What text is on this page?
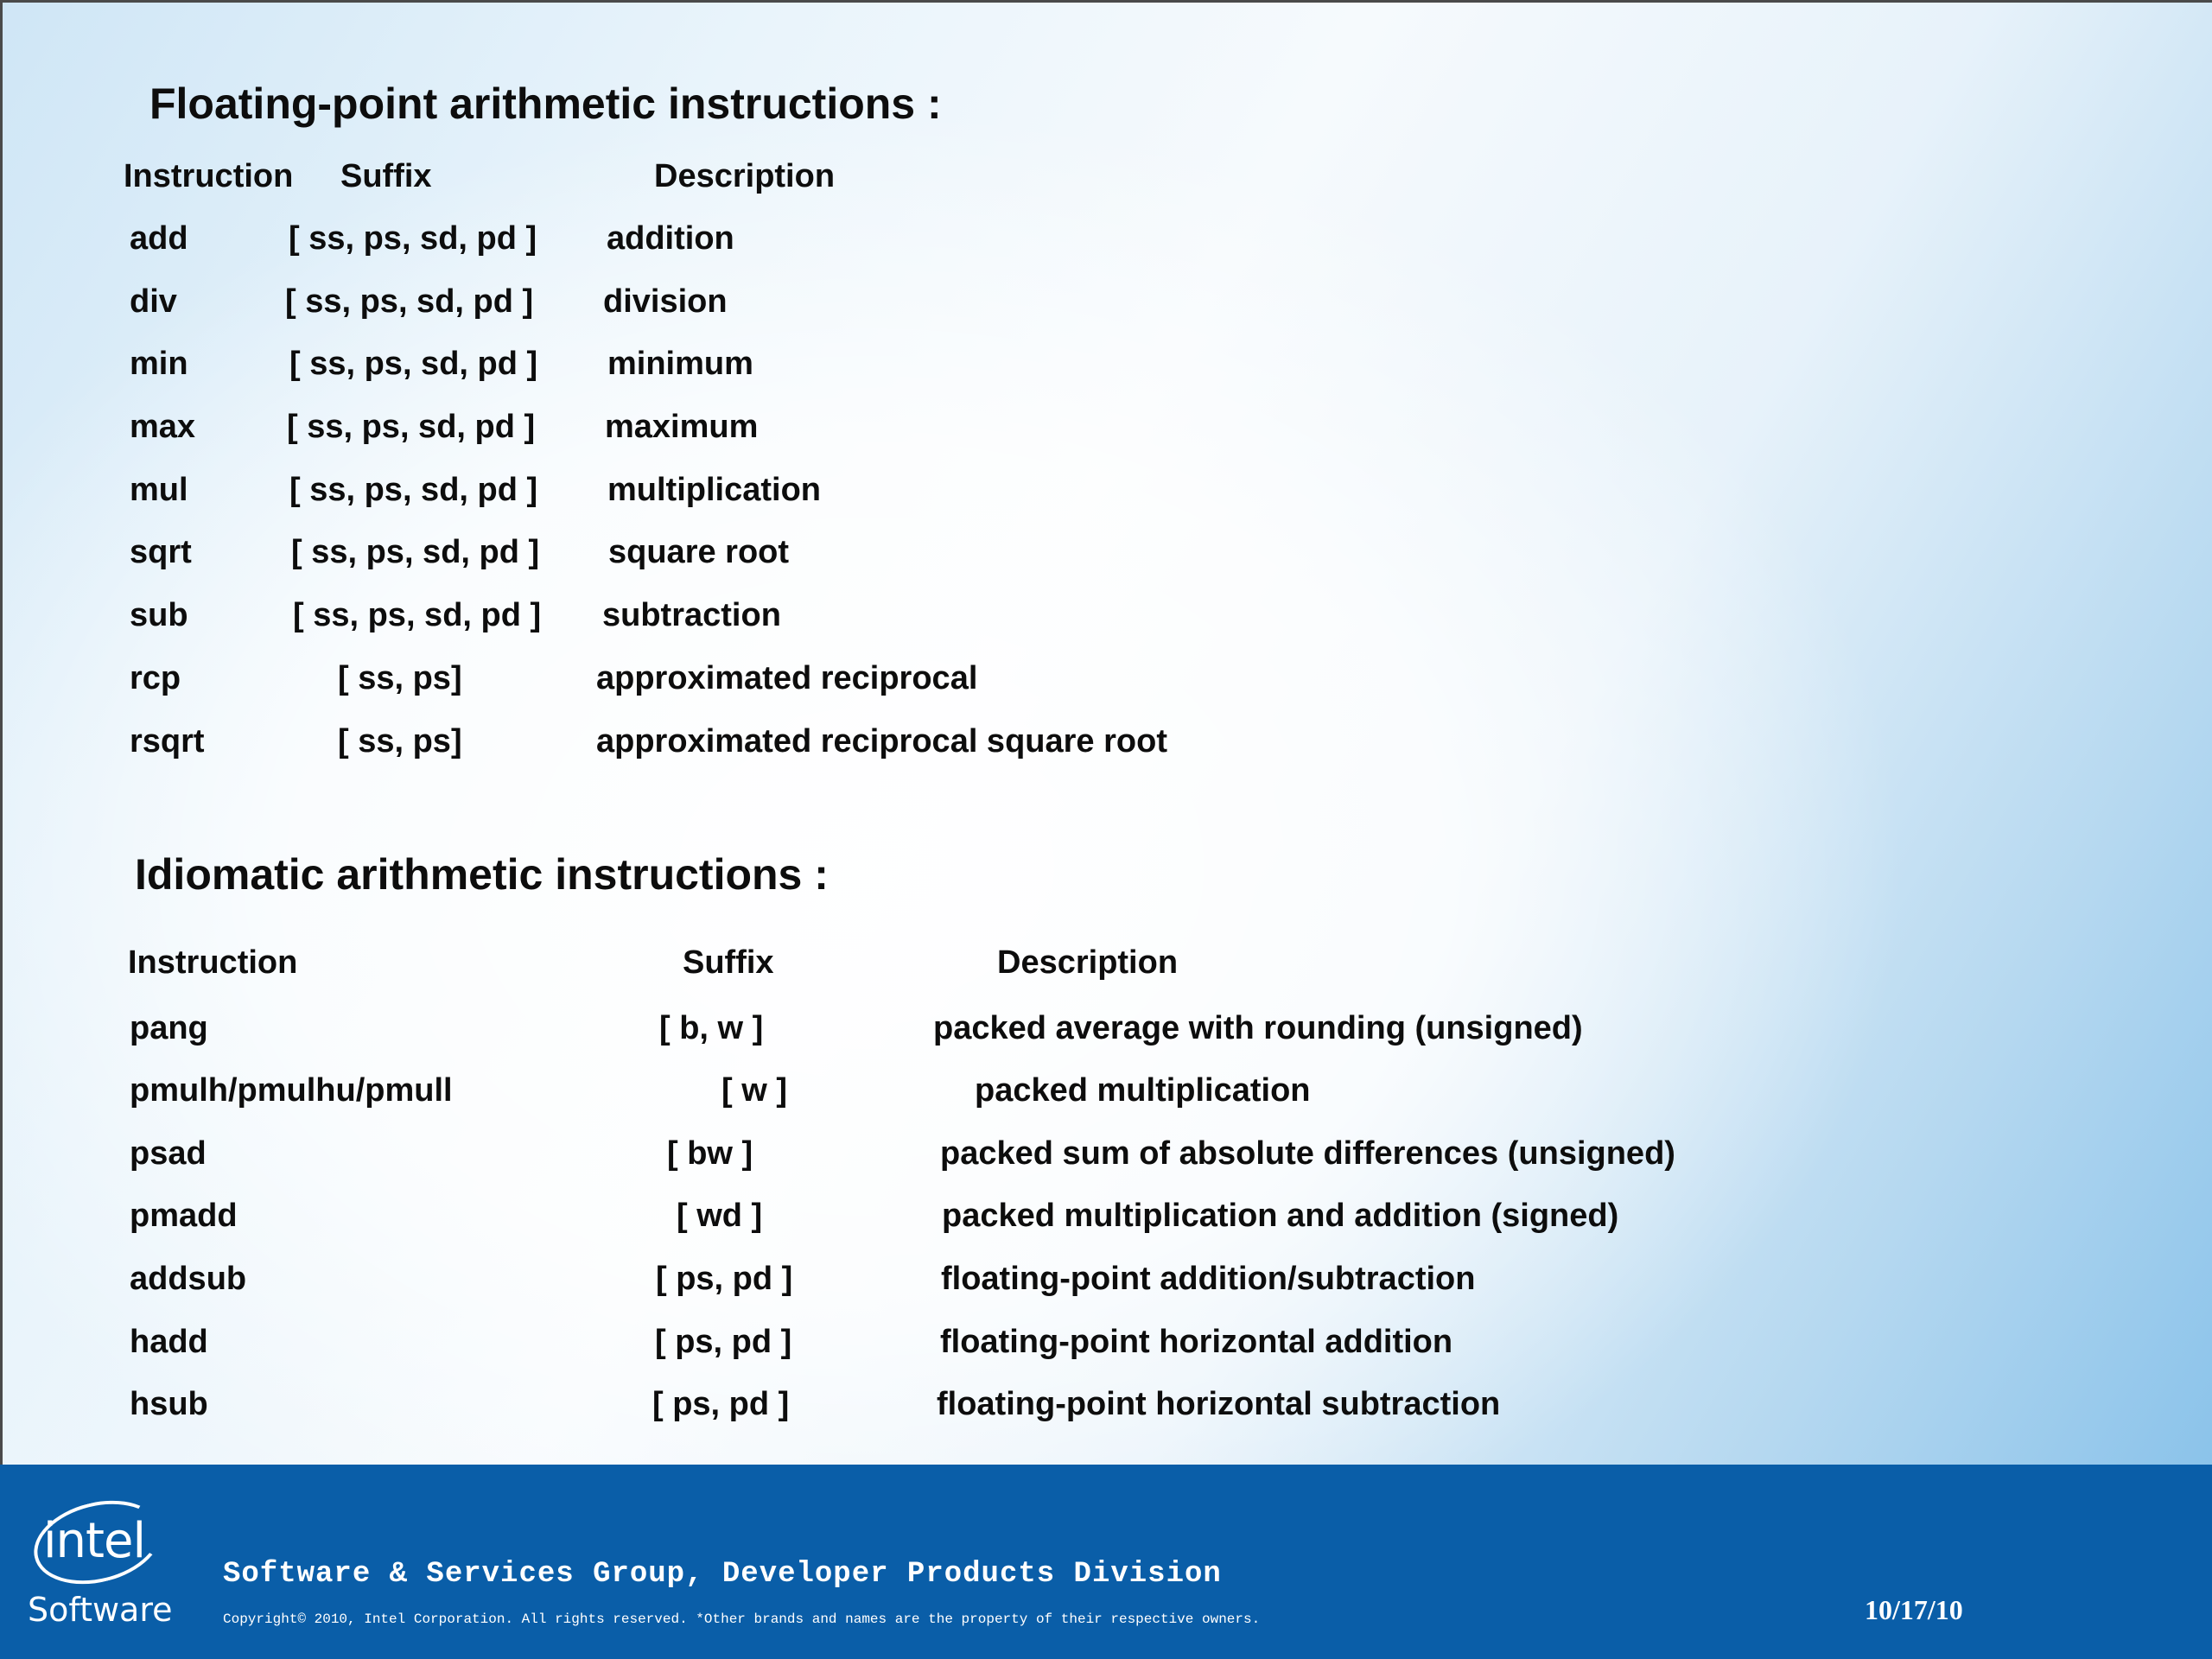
Floating-point arithmetic instructions :
Instruction Suffix	Description
add	[ ss, ps, sd, pd ] addition
div	[ ss, ps, sd, pd ] division
min	[ ss, ps, sd, pd ] minimum
max	[ ss, ps, sd, pd ] maximum
mul	[ ss, ps, sd, pd ] multiplication
sqrt	[ ss, ps, sd, pd ] square root
sub	[ ss, ps, sd, pd ] subtraction
rcp	[ ss, ps]	approximated reciprocal
rsqrt	[ ss, ps]	approximated reciprocal square root
Idiomatic arithmetic instructions :
Instruction	Suffix	Description
pang	[ b, w ]	packed average with rounding (unsigned)
pmulh/pmulhu/pmull	[ w ]	packed multiplication
psad	[ bw ]	packed sum of absolute differences (unsigned)
pmadd	[ wd ]	packed multiplication and addition (signed)
addsub	[ ps, pd ]	floating-point addition/subtraction
hadd	[ ps, pd ]	floating-point horizontal addition
hsub	[ ps, pd ]	floating-point horizontal subtraction
intel
Software
Software & Services Group, Developer Products Division
Copyright© 2010, Intel Corporation. All rights reserved. *Other brands and names are the property of their respective owners.	10/17/10
